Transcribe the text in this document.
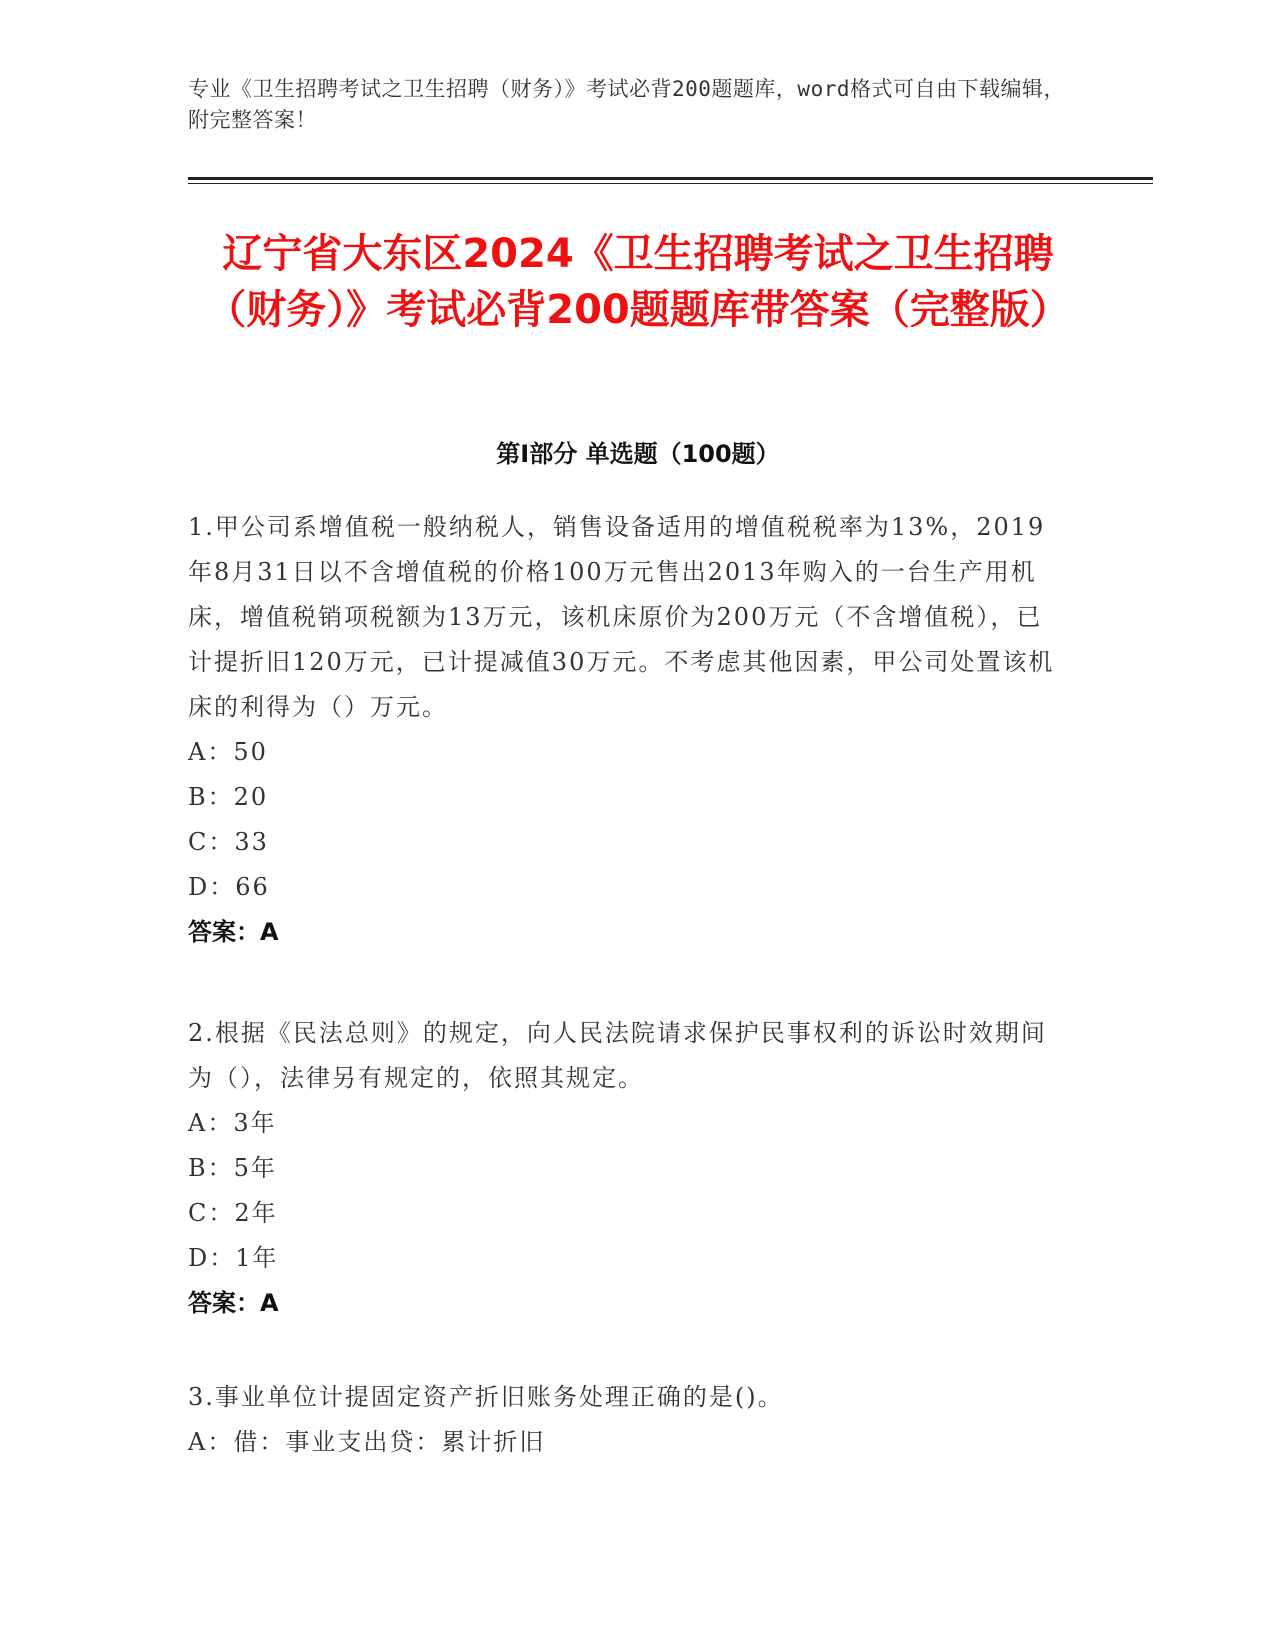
专业《卫生招聘考试之卫生招聘（财务）》考试必背200题题库，word格式可自由下载编辑，附完整答案！
辽宁省大东区2024《卫生招聘考试之卫生招聘（财务）》考试必背200题题库带答案（完整版）
第Ⅰ部分 单选题（100题）
1.甲公司系增值税一般纳税人，销售设备适用的增值税税率为13%，2019年8月31日以不含增值税的价格100万元售出2013年购入的一台生产用机床，增值税销项税额为13万元，该机床原价为200万元（不含增值税），已计提折旧120万元，已计提减值30万元。不考虑其他因素，甲公司处置该机床的利得为（）万元。
A：50
B：20
C：33
D：66
答案：A
2.根据《民法总则》的规定，向人民法院请求保护民事权利的诉讼时效期间为（），法律另有规定的，依照其规定。
A：3年
B：5年
C：2年
D：1年
答案：A
3.事业单位计提固定资产折旧账务处理正确的是()。
A：借：事业支出贷：累计折旧
